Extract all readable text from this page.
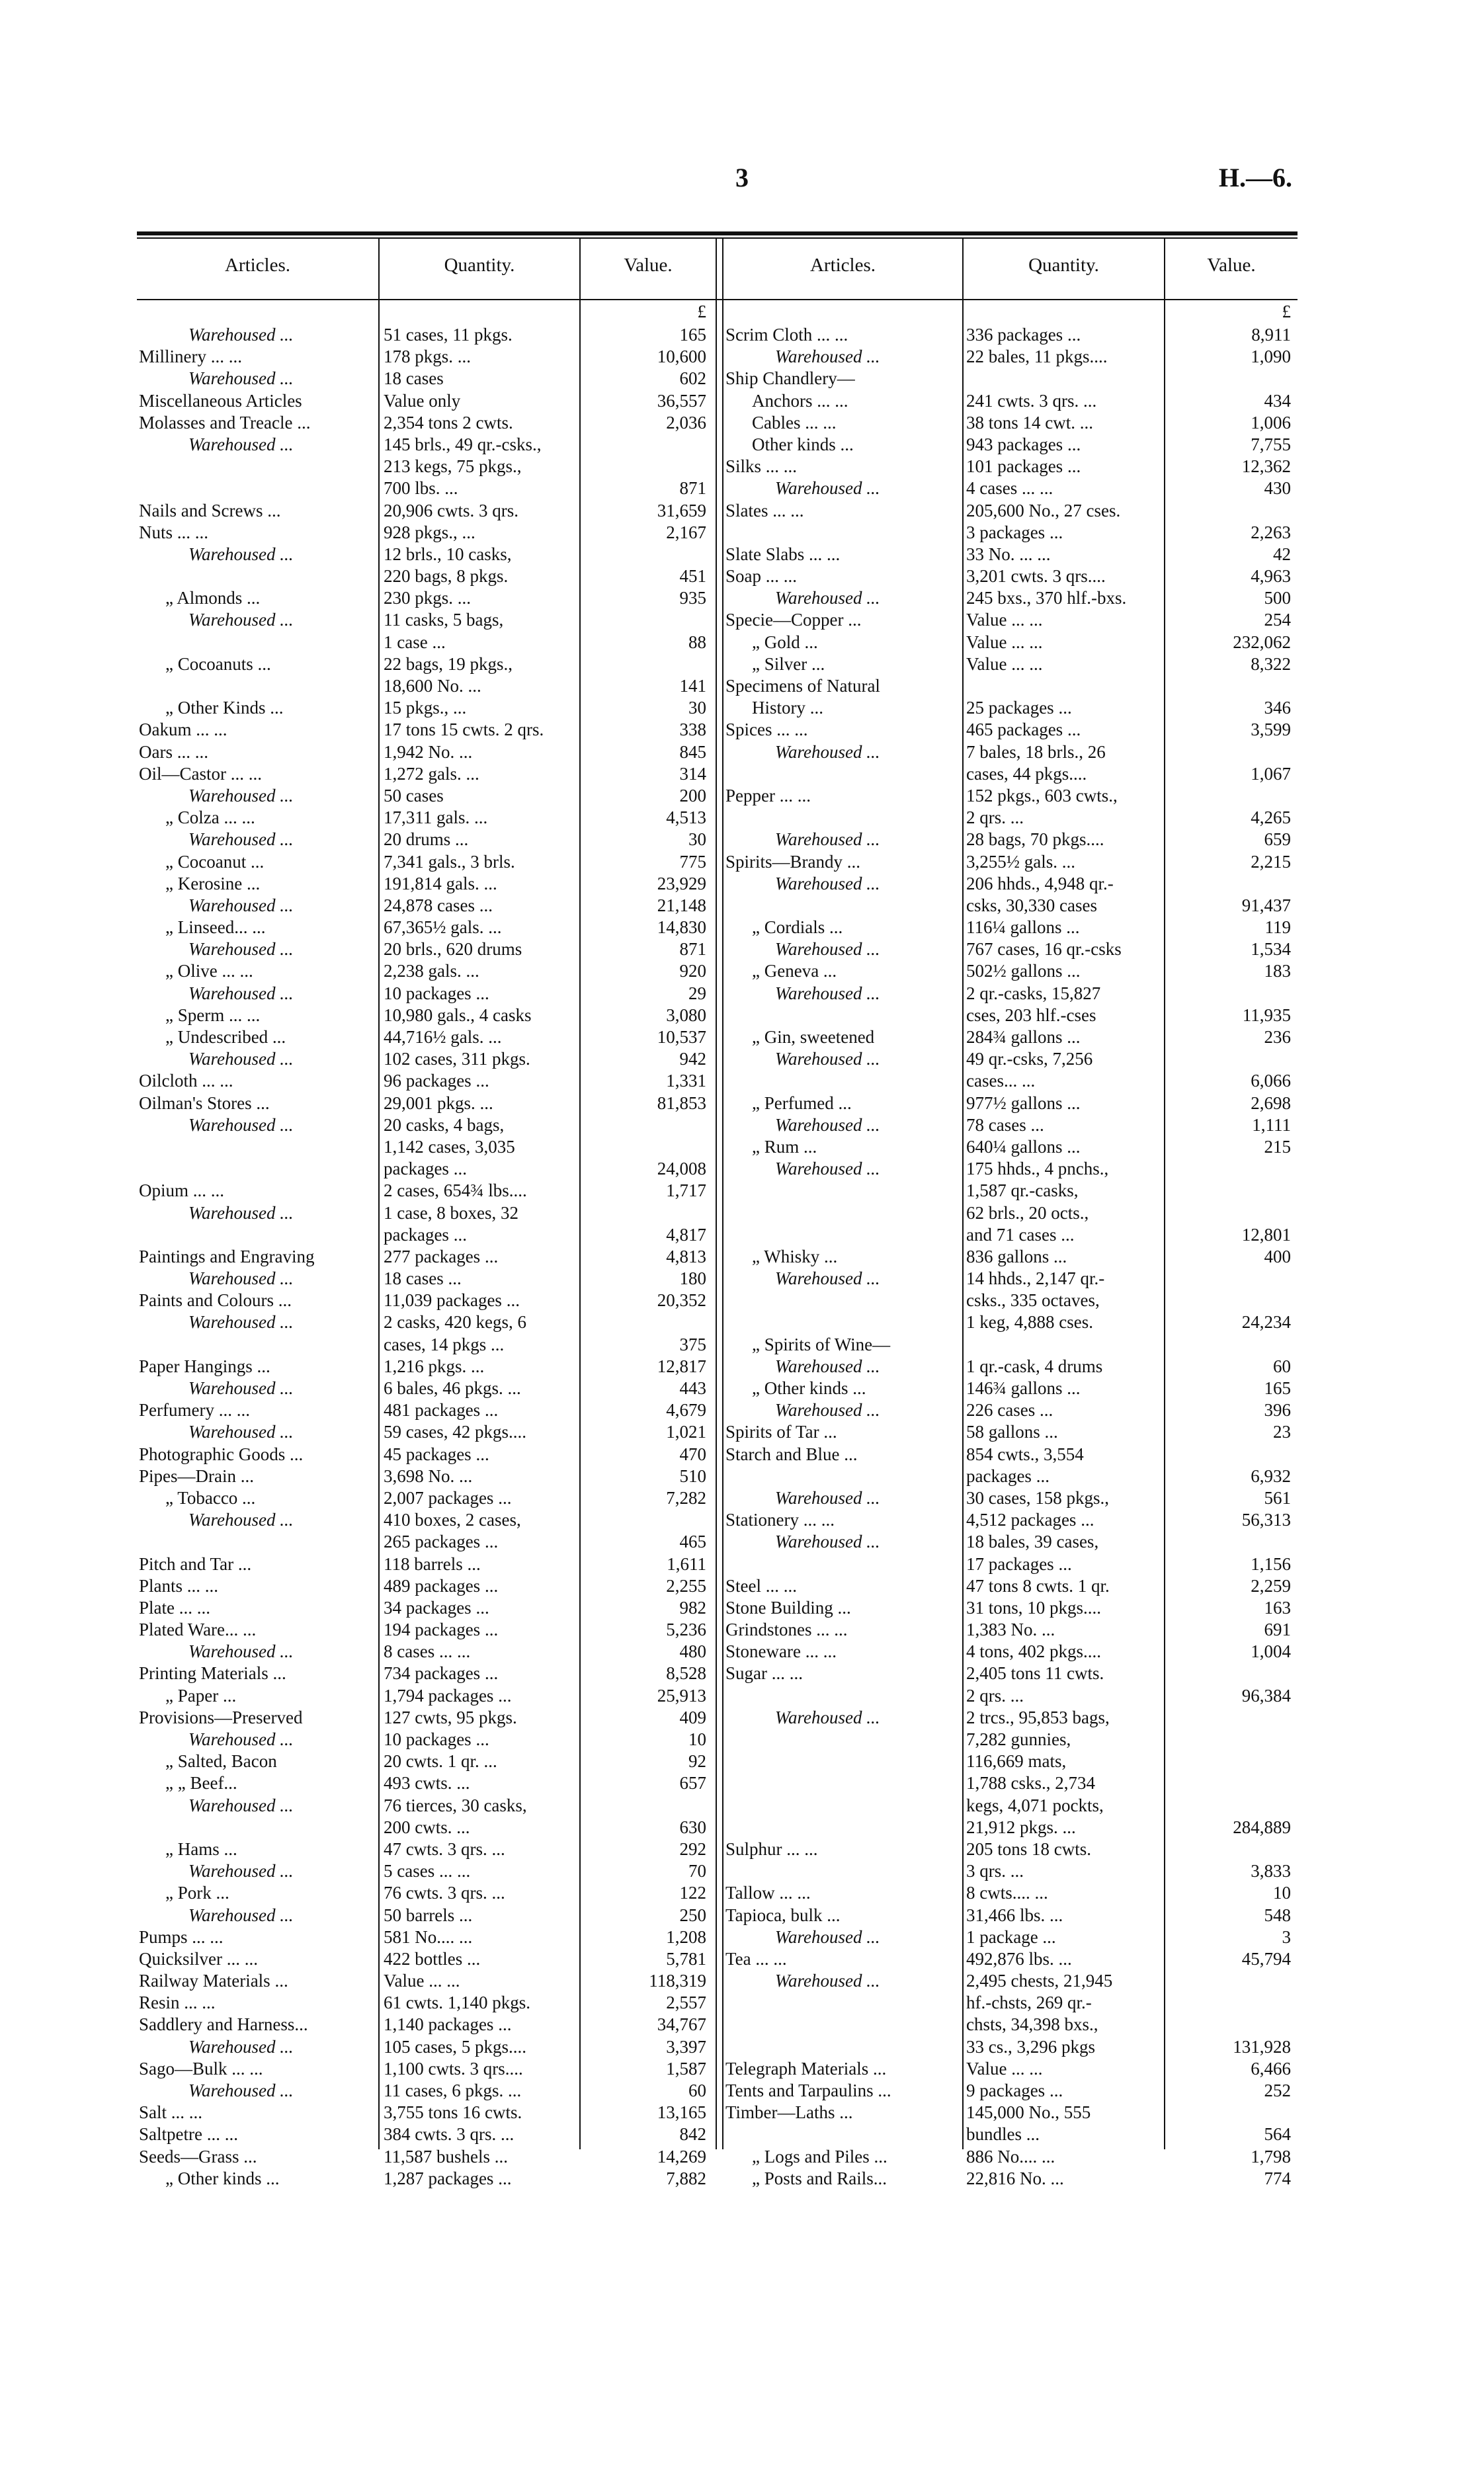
3	H.—6.
Articles.	Quantity.	Value.	Articles.	Quantity.	Value.
£	£
Warehoused ...	51 cases, 11 pkgs.	165
Millinery ... ...	178 pkgs. ...	10,600
Warehoused ...	18 cases	602
Miscellaneous Articles	Value only	36,557
Molasses and Treacle ...	2,354 tons 2 cwts.	2,036
Warehoused ...	145 brls., 49 qr.-csks.,
213 kegs, 75 pkgs.,
700 lbs. ...	871
Nails and Screws ...	20,906 cwts. 3 qrs.	31,659
Nuts ... ...	928 pkgs., ...	2,167
Warehoused ...	12 brls., 10 casks,
220 bags, 8 pkgs.	451
„ Almonds ...	230 pkgs. ...	935
Warehoused ...	11 casks, 5 bags,
1 case ...	88
„ Cocoanuts ...	22 bags, 19 pkgs.,
18,600 No. ...	141
„ Other Kinds ...	15 pkgs., ...	30
Oakum ... ...	17 tons 15 cwts. 2 qrs.	338
Oars ... ...	1,942 No. ...	845
Oil—Castor ... ...	1,272 gals. ...	314
Warehoused ...	50 cases	200
„ Colza ... ...	17,311 gals. ...	4,513
Warehoused ...	20 drums ...	30
„ Cocoanut ...	7,341 gals., 3 brls.	775
„ Kerosine ...	191,814 gals. ...	23,929
Warehoused ...	24,878 cases ...	21,148
„ Linseed... ...	67,365½ gals. ...	14,830
Warehoused ...	20 brls., 620 drums	871
„ Olive ... ...	2,238 gals. ...	920
Warehoused ...	10 packages ...	29
„ Sperm ... ...	10,980 gals., 4 casks	3,080
„ Undescribed ...	44,716½ gals. ...	10,537
Warehoused ...	102 cases, 311 pkgs.	942
Oilcloth ... ...	96 packages ...	1,331
Oilman's Stores ...	29,001 pkgs. ...	81,853
Warehoused ...	20 casks, 4 bags,
1,142 cases, 3,035
packages ...	24,008
Opium ... ...	2 cases, 654¾ lbs....	1,717
Warehoused ...	1 case, 8 boxes, 32
packages ...	4,817
Paintings and Engraving	277 packages ...	4,813
Warehoused ...	18 cases ...	180
Paints and Colours ...	11,039 packages ...	20,352
Warehoused ...	2 casks, 420 kegs, 6
cases, 14 pkgs ...	375
Paper Hangings ...	1,216 pkgs. ...	12,817
Warehoused ...	6 bales, 46 pkgs. ...	443
Perfumery ... ...	481 packages ...	4,679
Warehoused ...	59 cases, 42 pkgs....	1,021
Photographic Goods ...	45 packages ...	470
Pipes—Drain ...	3,698 No. ...	510
„ Tobacco ...	2,007 packages ...	7,282
Warehoused ...	410 boxes, 2 cases,
265 packages ...	465
Pitch and Tar ...	118 barrels ...	1,611
Plants ... ...	489 packages ...	2,255
Plate ... ...	34 packages ...	982
Plated Ware... ...	194 packages ...	5,236
Warehoused ...	8 cases ... ...	480
Printing Materials ...	734 packages ...	8,528
„ Paper ...	1,794 packages ...	25,913
Provisions—Preserved	127 cwts, 95 pkgs.	409
Warehoused ...	10 packages ...	10
„ Salted, Bacon	20 cwts. 1 qr. ...	92
„ „ Beef...	493 cwts. ...	657
Warehoused ...	76 tierces, 30 casks,
200 cwts. ...	630
„ Hams ...	47 cwts. 3 qrs. ...	292
Warehoused ...	5 cases ... ...	70
„ Pork ...	76 cwts. 3 qrs. ...	122
Warehoused ...	50 barrels ...	250
Pumps ... ...	581 No.... ...	1,208
Quicksilver ... ...	422 bottles ...	5,781
Railway Materials ...	Value ... ...	118,319
Resin ... ...	61 cwts. 1,140 pkgs.	2,557
Saddlery and Harness...	1,140 packages ...	34,767
Warehoused ...	105 cases, 5 pkgs....	3,397
Sago—Bulk ... ...	1,100 cwts. 3 qrs....	1,587
Warehoused ...	11 cases, 6 pkgs. ...	60
Salt ... ...	3,755 tons 16 cwts.	13,165
Saltpetre ... ...	384 cwts. 3 qrs. ...	842
Seeds—Grass ...	11,587 bushels ...	14,269
„ Other kinds ...	1,287 packages ...	7,882
Scrim Cloth ... ...	336 packages ...	8,911
Warehoused ...	22 bales, 11 pkgs....	1,090
Ship Chandlery—
Anchors ... ...	241 cwts. 3 qrs. ...	434
Cables ... ...	38 tons 14 cwt. ...	1,006
Other kinds ...	943 packages ...	7,755
Silks ... ...	101 packages ...	12,362
Warehoused ...	4 cases ... ...	430
Slates ... ...	205,600 No., 27 cses.
3 packages ...	2,263
Slate Slabs ... ...	33 No. ... ...	42
Soap ... ...	3,201 cwts. 3 qrs....	4,963
Warehoused ...	245 bxs., 370 hlf.-bxs.	500
Specie—Copper ...	Value ... ...	254
„ Gold ...	Value ... ...	232,062
„ Silver ...	Value ... ...	8,322
Specimens of Natural
History ...	25 packages ...	346
Spices ... ...	465 packages ...	3,599
Warehoused ...	7 bales, 18 brls., 26
cases, 44 pkgs....	1,067
Pepper ... ...	152 pkgs., 603 cwts.,
2 qrs. ...	4,265
Warehoused ...	28 bags, 70 pkgs....	659
Spirits—Brandy ...	3,255½ gals. ...	2,215
Warehoused ...	206 hhds., 4,948 qr.-
csks, 30,330 cases	91,437
„ Cordials ...	116¼ gallons ...	119
Warehoused ...	767 cases, 16 qr.-csks	1,534
„ Geneva ...	502½ gallons ...	183
Warehoused ...	2 qr.-casks, 15,827
cses, 203 hlf.-cses	11,935
„ Gin, sweetened	284¾ gallons ...	236
Warehoused ...	49 qr.-csks, 7,256
cases... ...	6,066
„ Perfumed ...	977½ gallons ...	2,698
Warehoused ...	78 cases ...	1,111
„ Rum ...	640¼ gallons ...	215
Warehoused ...	175 hhds., 4 pnchs.,
1,587 qr.-casks,
62 brls., 20 octs.,
and 71 cases ...	12,801
„ Whisky ...	836 gallons ...	400
Warehoused ...	14 hhds., 2,147 qr.-
csks., 335 octaves,
1 keg, 4,888 cses.	24,234
„ Spirits of Wine—
Warehoused ...	1 qr.-cask, 4 drums	60
„ Other kinds ...	146¾ gallons ...	165
Warehoused ...	226 cases ...	396
Spirits of Tar ...	58 gallons ...	23
Starch and Blue ...	854 cwts., 3,554
packages ...	6,932
Warehoused ...	30 cases, 158 pkgs.,	561
Stationery ... ...	4,512 packages ...	56,313
Warehoused ...	18 bales, 39 cases,
17 packages ...	1,156
Steel ... ...	47 tons 8 cwts. 1 qr.	2,259
Stone Building ...	31 tons, 10 pkgs....	163
Grindstones ... ...	1,383 No. ...	691
Stoneware ... ...	4 tons, 402 pkgs....	1,004
Sugar ... ...	2,405 tons 11 cwts.
2 qrs. ...	96,384
Warehoused ...	2 trcs., 95,853 bags,
7,282 gunnies,
116,669 mats,
1,788 csks., 2,734
kegs, 4,071 pockts,
21,912 pkgs. ...	284,889
Sulphur ... ...	205 tons 18 cwts.
3 qrs. ...	3,833
Tallow ... ...	8 cwts.... ...	10
Tapioca, bulk ...	31,466 lbs. ...	548
Warehoused ...	1 package ...	3
Tea ... ...	492,876 lbs. ...	45,794
Warehoused ...	2,495 chests, 21,945
hf.-chsts, 269 qr.-
chsts, 34,398 bxs.,
33 cs., 3,296 pkgs	131,928
Telegraph Materials ...	Value ... ...	6,466
Tents and Tarpaulins ...	9 packages ...	252
Timber—Laths ...	145,000 No., 555
bundles ...	564
„ Logs and Piles ...	886 No.... ...	1,798
„ Posts and Rails...	22,816 No. ...	774
